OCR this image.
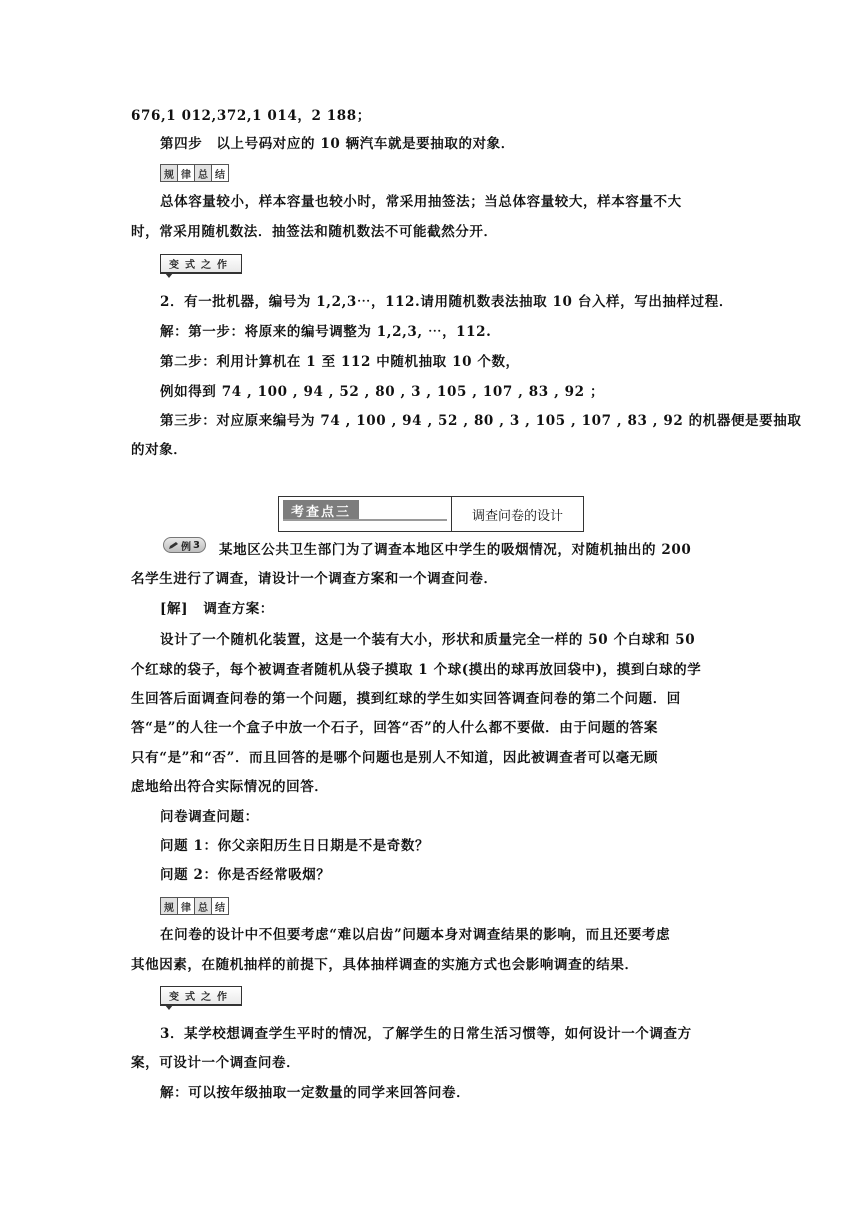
676,1 012,372,1 014，2 188；
第四步　以上号码对应的 10 辆汽车就是要抽取的对象．
规 律 总 结
总体容量较小，样本容量也较小时，常采用抽签法；当总体容量较大，样本容量不大
时，常采用随机数法．抽签法和随机数法不可能截然分开．
变式之作
2．有一批机器，编号为 1,2,3⋯，112.请用随机数表法抽取 10 台入样，写出抽样过程．
解：第一步：将原来的编号调整为 1,2,3, ⋯，112.
第二步：利用计算机在 1 至 112 中随机抽取 10 个数，
例如得到 74 , 100 , 94 , 52 , 80 , 3 , 105 , 107 , 83 , 92 ；
第三步：对应原来编号为 74 , 100 , 94 , 52 , 80 , 3 , 105 , 107 , 83 , 92 的机器便是要抽取
的对象．
考查点三	调查问卷的设计
例 3 某地区公共卫生部门为了调查本地区中学生的吸烟情况，对随机抽出的 200
名学生进行了调查，请设计一个调查方案和一个调查问卷．
[解] 调查方案：
设计了一个随机化装置，这是一个装有大小，形状和质量完全一样的 50 个白球和 50
个红球的袋子，每个被调查者随机从袋子摸取 1 个球(摸出的球再放回袋中)，摸到白球的学
生回答后面调查问卷的第一个问题，摸到红球的学生如实回答调查问卷的第二个问题．回
答“是”的人往一个盒子中放一个石子，回答“否”的人什么都不要做．由于问题的答案
只有“是”和“否”．而且回答的是哪个问题也是别人不知道，因此被调查者可以毫无顾
虑地给出符合实际情况的回答．
问卷调查问题：
问题 1：你父亲阳历生日日期是不是奇数？
问题 2：你是否经常吸烟？
规 律 总 结
在问卷的设计中不但要考虑“难以启齿”问题本身对调查结果的影响，而且还要考虑
其他因素，在随机抽样的前提下，具体抽样调查的实施方式也会影响调查的结果．
变式之作
3．某学校想调查学生平时的情况，了解学生的日常生活习惯等，如何设计一个调查方
案，可设计一个调查问卷．
解：可以按年级抽取一定数量的同学来回答问卷．
